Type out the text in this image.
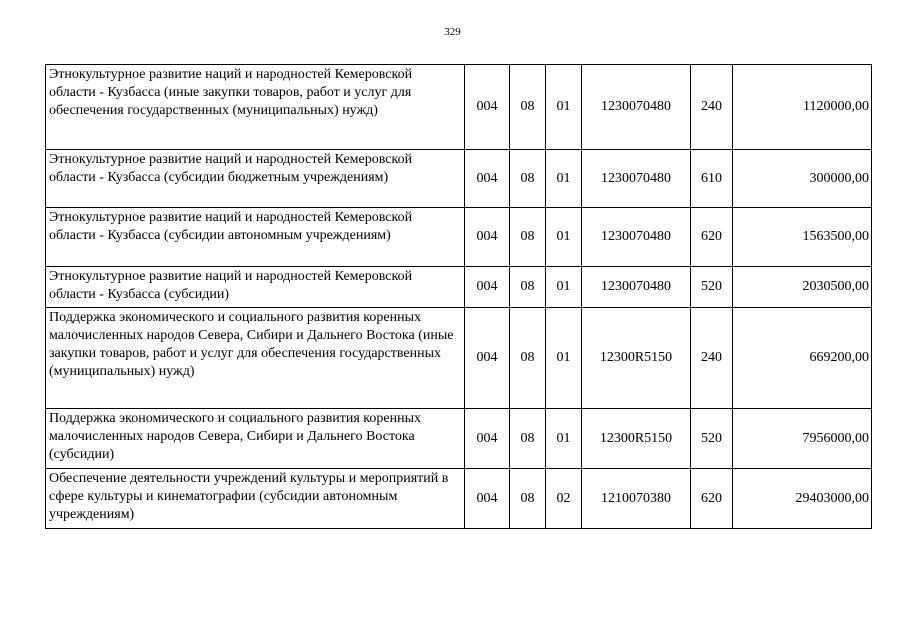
329
Этнокультурное развитие наций и народностей Кемеровской области - Кузбасса (иные закупки товаров, работ и услуг для обеспечения государственных (муниципальных) нужд)	004	08	01	1230070480	240	1120000,00
Этнокультурное развитие наций и народностей Кемеровской области - Кузбасса (субсидии бюджетным учреждениям)	004	08	01	1230070480	610	300000,00
Этнокультурное развитие наций и народностей Кемеровской области - Кузбасса (субсидии автономным учреждениям)	004	08	01	1230070480	620	1563500,00
Этнокультурное развитие наций и народностей Кемеровской области - Кузбасса (субсидии)	004	08	01	1230070480	520	2030500,00
Поддержка экономического и социального развития коренных малочисленных народов Севера, Сибири и Дальнего Востока (иные закупки товаров, работ и услуг для обеспечения государственных (муниципальных) нужд)	004	08	01	12300R5150	240	669200,00
Поддержка экономического и социального развития коренных малочисленных народов Севера, Сибири и Дальнего Востока (субсидии)	004	08	01	12300R5150	520	7956000,00
Обеспечение деятельности учреждений культуры и мероприятий в сфере культуры и кинематографии (субсидии автономным учреждениям)	004	08	02	1210070380	620	29403000,00
